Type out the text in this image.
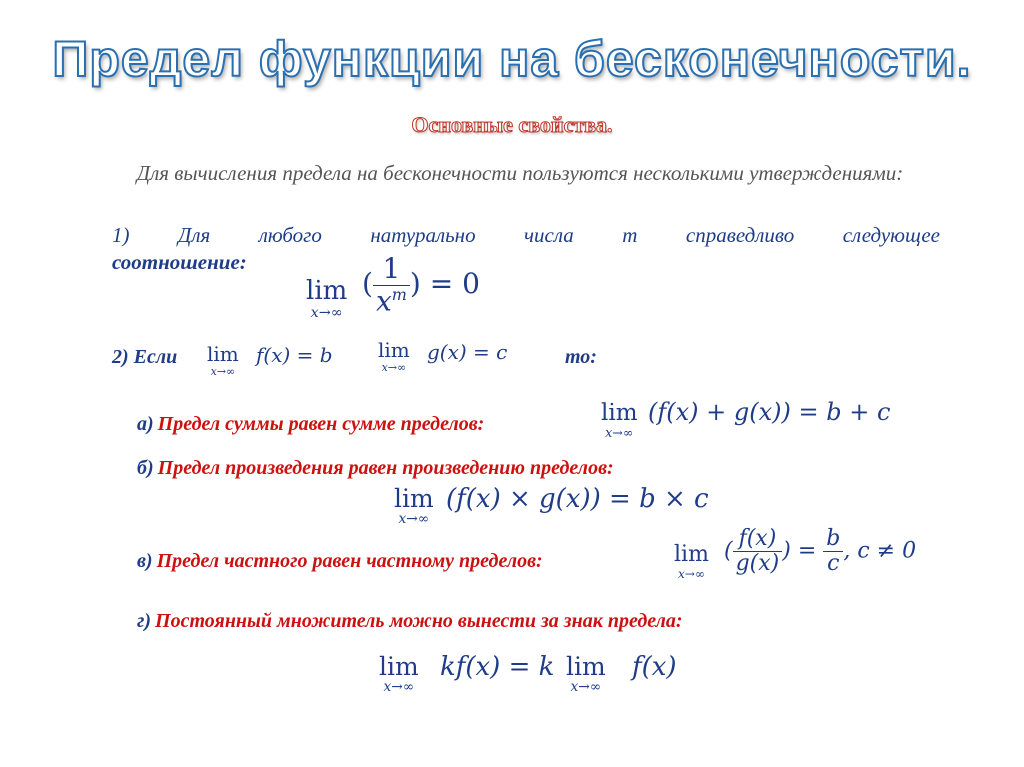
Предел функции на бесконечности.
Основные свойства.
Для вычисления предела на бесконечности пользуются несколькими утверждениями:
1) Для любого натурально числа m справедливо следующее
соотношение:
lim
x→∞
( $\frac{1}{x^m}$ ) = 0
2) Если lim
x→∞
f(x) = b lim
x→∞
g(x) = c	то:
а) Предел суммы равен сумме пределов:	lim
x→∞
(f(x) + g(x)) = b + c
б) Предел произведения равен произведению пределов:
lim
x→∞
(f(x) × g(x)) = b × c
в) Предел частного равен частному пределов:	lim
x→∞
( $\frac{f(x)}{g(x)}$ ) = $\frac{b}{c}$ , c ≠ 0
г) Постоянный множитель можно вынести за знак предела:
lim
x→∞
kf(x) = k lim
x→∞
f(x)
